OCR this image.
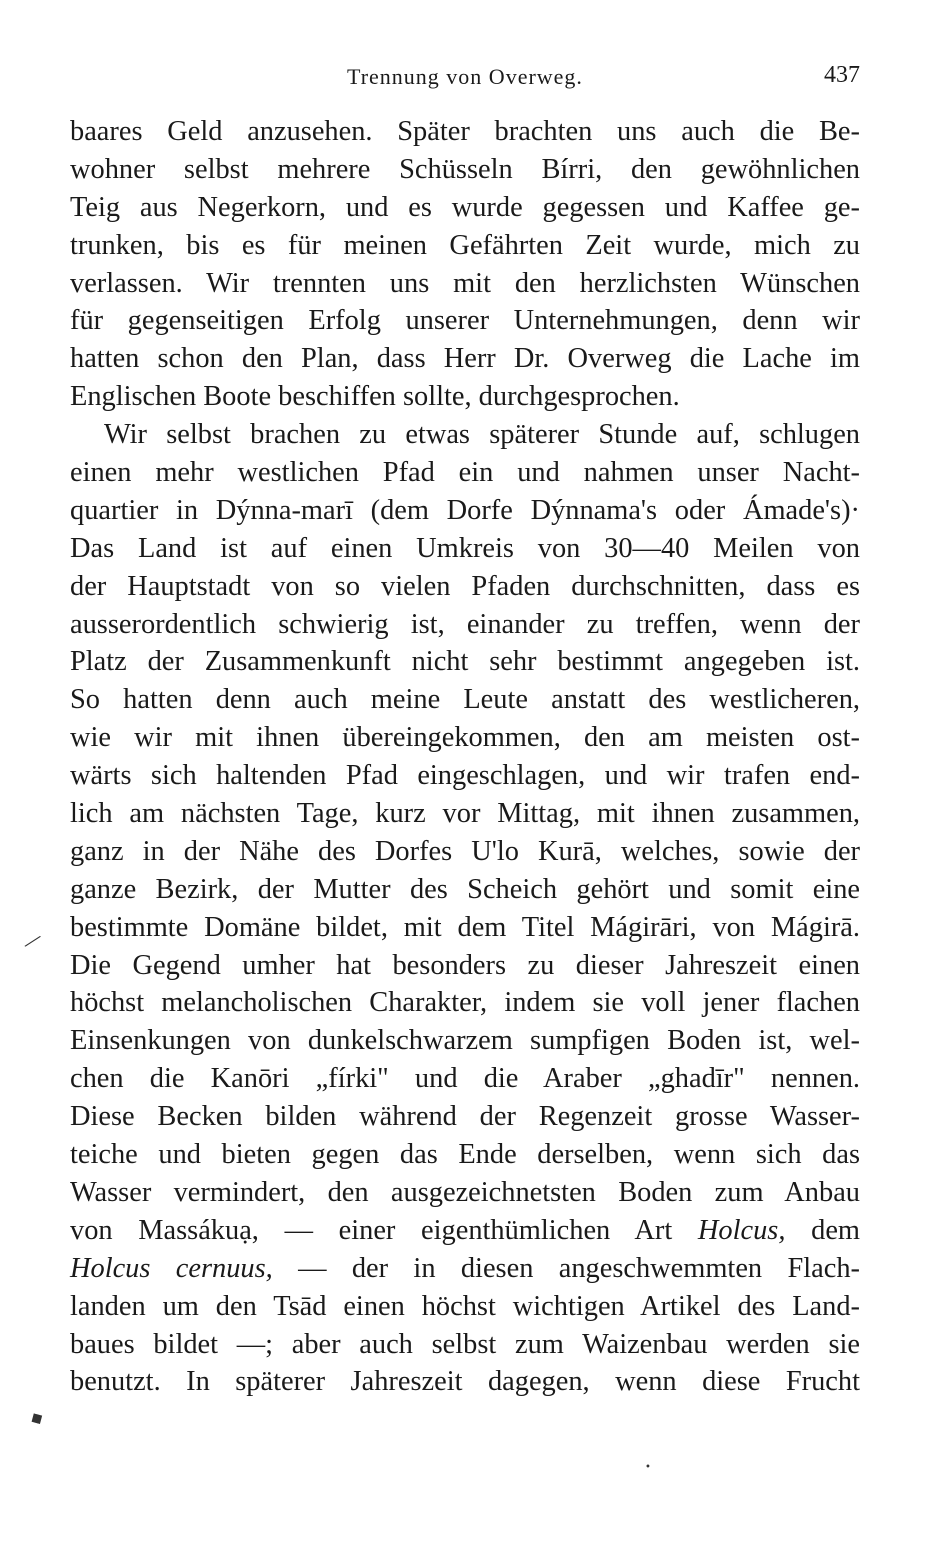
Trennung von Overweg.	437
baares Geld anzusehen. Später brachten uns auch die Be-
wohner selbst mehrere Schüsseln Bírri, den gewöhnlichen
Teig aus Negerkorn, und es wurde gegessen und Kaffee ge-
trunken, bis es für meinen Gefährten Zeit wurde, mich zu
verlassen. Wir trennten uns mit den herzlichsten Wünschen
für gegenseitigen Erfolg unserer Unternehmungen, denn wir
hatten schon den Plan, dass Herr Dr. Overweg die Lache im
Englischen Boote beschiffen sollte, durchgesprochen.
Wir selbst brachen zu etwas späterer Stunde auf, schlugen
einen mehr westlichen Pfad ein und nahmen unser Nacht-
quartier in Dýnna-marī (dem Dorfe Dýnnama's oder Ámade's)·
Das Land ist auf einen Umkreis von 30—40 Meilen von
der Hauptstadt von so vielen Pfaden durchschnitten, dass es
ausserordentlich schwierig ist, einander zu treffen, wenn der
Platz der Zusammenkunft nicht sehr bestimmt angegeben ist.
So hatten denn auch meine Leute anstatt des westlicheren,
wie wir mit ihnen übereingekommen, den am meisten ost-
wärts sich haltenden Pfad eingeschlagen, und wir trafen end-
lich am nächsten Tage, kurz vor Mittag, mit ihnen zusammen,
ganz in der Nähe des Dorfes U'lo Kurā, welches, sowie der
ganze Bezirk, der Mutter des Scheich gehört und somit eine
bestimmte Domäne bildet, mit dem Titel Mágirāri, von Mágirā.
Die Gegend umher hat besonders zu dieser Jahreszeit einen
höchst melancholischen Charakter, indem sie voll jener flachen
Einsenkungen von dunkelschwarzem sumpfigen Boden ist, wel-
chen die Kanōri „fírki" und die Araber „ghadīr" nennen.
Diese Becken bilden während der Regenzeit grosse Wasser-
teiche und bieten gegen das Ende derselben, wenn sich das
Wasser vermindert, den ausgezeichnetsten Boden zum Anbau
von Massákuạ, — einer eigenthümlichen Art Holcus, dem
Holcus cernuus, — der in diesen angeschwemmten Flach-
landen um den Tsād einen höchst wichtigen Artikel des Land-
baues bildet —; aber auch selbst zum Waizenbau werden sie
benutzt. In späterer Jahreszeit dagegen, wenn diese Frucht
╱
◆
•
